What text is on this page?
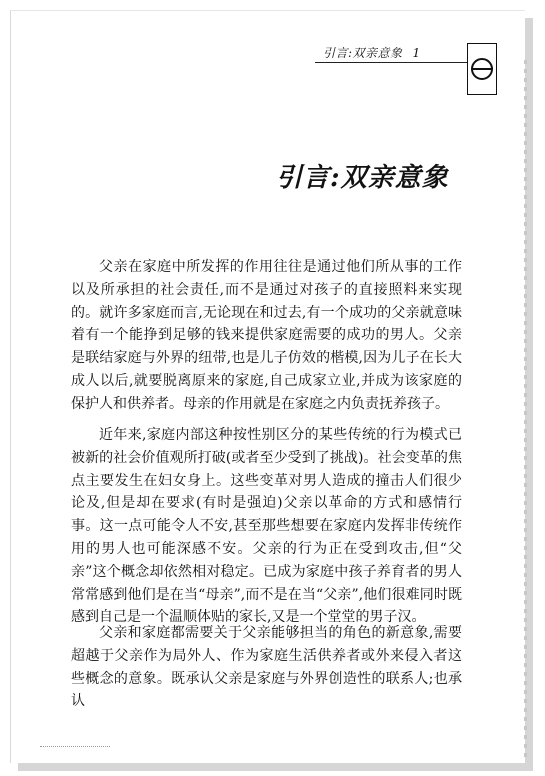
引言:双亲意象 1
引言:双亲意象

父亲在家庭中所发挥的作用往往是通过他们所从事的工作以及所承担的社会责任,而不是通过对孩子的直接照料来实现的。就许多家庭而言,无论现在和过去,有一个成功的父亲就意味着有一个能挣到足够的钱来提供家庭需要的成功的男人。父亲是联结家庭与外界的纽带,也是儿子仿效的楷模,因为儿子在长大成人以后,就要脱离原来的家庭,自己成家立业,并成为该家庭的保护人和供养者。母亲的作用就是在家庭之内负责抚养孩子。

近年来,家庭内部这种按性别区分的某些传统的行为模式已被新的社会价值观所打破(或者至少受到了挑战)。社会变革的焦点主要发生在妇女身上。这些变革对男人造成的撞击人们很少论及,但是却在要求(有时是强迫)父亲以革命的方式和感情行事。这一点可能令人不安,甚至那些想要在家庭内发挥非传统作用的男人也可能深感不安。父亲的行为正在受到攻击,但“父亲”这个概念却依然相对稳定。已成为家庭中孩子养育者的男人常常感到他们是在当“母亲”,而不是在当“父亲”,他们很难同时既感到自己是一个温顺体贴的家长,又是一个堂堂的男子汉。

父亲和家庭都需要关于父亲能够担当的角色的新意象,需要超越于父亲作为局外人、作为家庭生活供养者或外来侵入者这些概念的意象。既承认父亲是家庭与外界创造性的联系人;也承认
